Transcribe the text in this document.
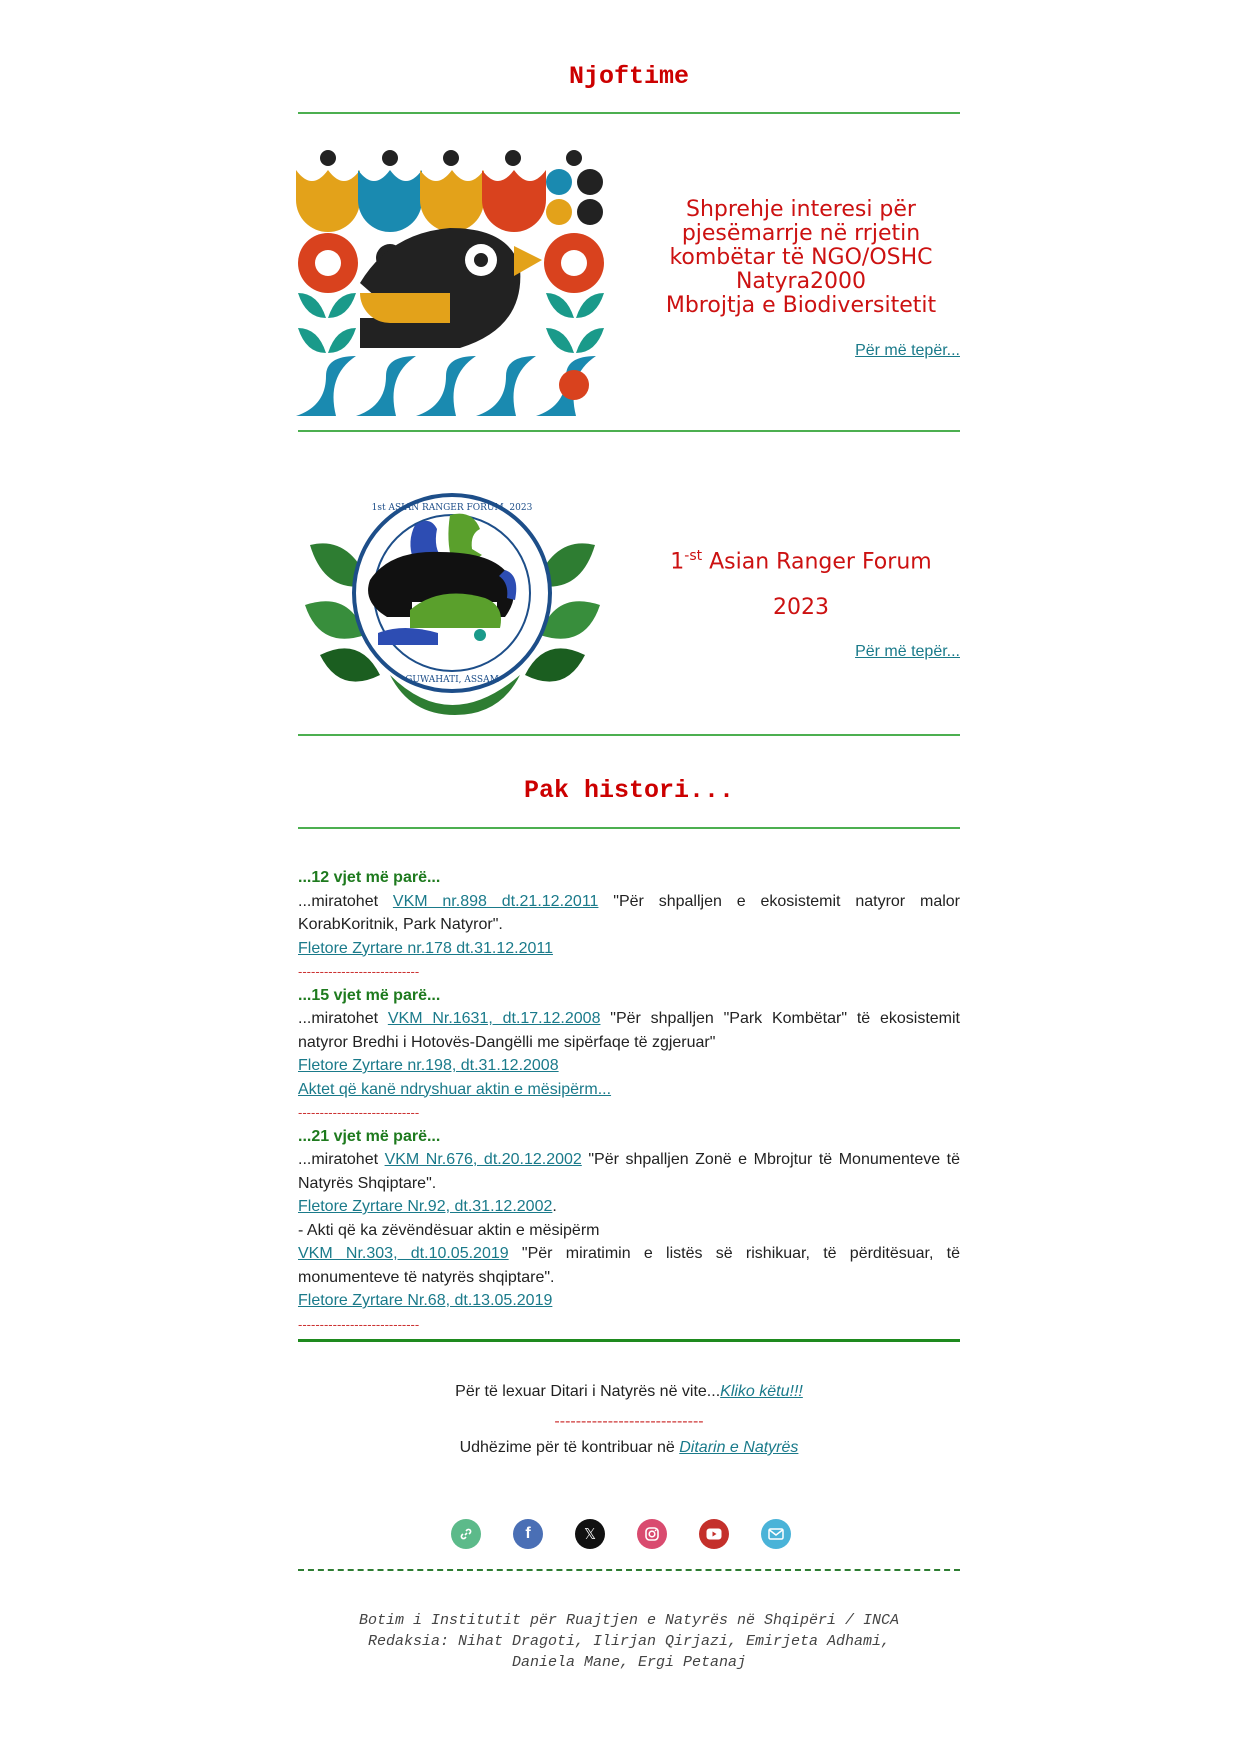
Njoftime
Shprehje interesi për
pjesëmarrje në rrjetin
kombëtar të NGO/OSHC
Natyra2000
Mbrojtja e Biodiversitetit
Për më tepër...
1st ASIAN RANGER FORUM, 2023
GUWAHATI, ASSAM
$1^{-st}$ Asian Ranger Forum
2023
Për më tepër...
Pak histori...

...12 vjet më parë...

...miratohet VKM nr.898 dt.21.12.2011 "Për shpalljen e ekosistemit natyror malor KorabKoritnik, Park Natyror".

Fletore Zyrtare nr.178 dt.31.12.2011

----------------------------

...15 vjet më parë...

...miratohet VKM Nr.1631, dt.17.12.2008 "Për shpalljen "Park Kombëtar" të ekosistemit natyror Bredhi i Hotovës-Dangëlli me sipërfaqe të zgjeruar"

Fletore Zyrtare nr.198, dt.31.12.2008

Aktet që kanë ndryshuar aktin e mësipërm...

----------------------------

...21 vjet më parë...

...miratohet VKM Nr.676, dt.20.12.2002 "Për shpalljen Zonë e Mbrojtur të Monumenteve të Natyrës Shqiptare".

Fletore Zyrtare Nr.92, dt.31.12.2002.

- Akti që ka zëvëndësuar aktin e mësipërm

VKM Nr.303, dt.10.05.2019 "Për miratimin e listës së rishikuar, të përditësuar, të monumenteve të natyrës shqiptare".

Fletore Zyrtare Nr.68, dt.13.05.2019

----------------------------

Për të lexuar Ditari i Natyrës në vite...Kliko këtu!!!
----------------------------
Udhëzime për të kontribuar në Ditarin e Natyrës
f	𝕏
Botim i Institutit për Ruajtjen e Natyrës në Shqipëri / INCA
Redaksia: Nihat Dragoti, Ilirjan Qirjazi, Emirjeta Adhami,
Daniela Mane, Ergi Petanaj
